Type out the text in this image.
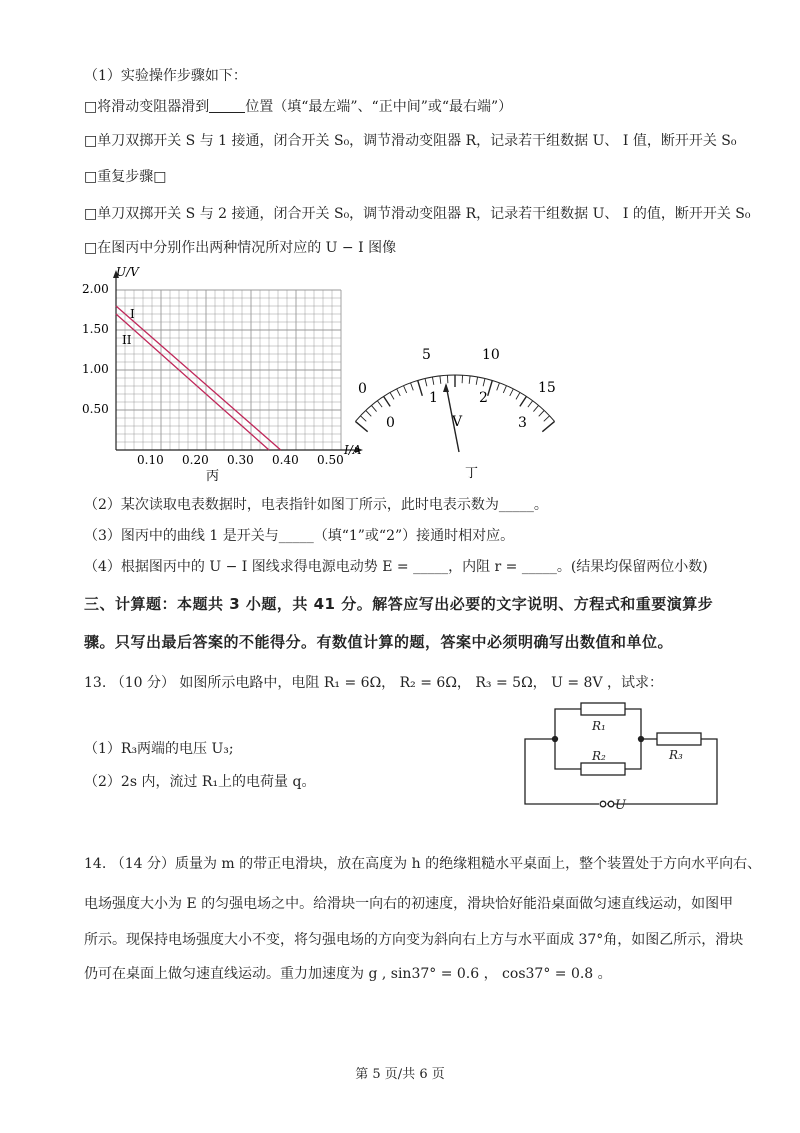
（1）实验操作步骤如下：
□将滑动变阻器滑到	位置（填“最左端”、“正中间”或“最右端”）
□单刀双掷开关 S 与 1 接通，闭合开关 S₀，调节滑动变阻器 R，记录若干组数据 U、 I 值，断开开关 S₀
□重复步骤□
□单刀双掷开关 S 与 2 接通，闭合开关 S₀，调节滑动变阻器 R，记录若干组数据 U、 I 的值，断开开关 S₀
□在图丙中分别作出两种情况所对应的 U − I 图像
U/V
I/A
2.00
1.50
1.00
0.50
0.10 0.20 0.30 0.40 0.50
I
II
丙
0
5	10
15
0
1	2
3
V
丁
（2）某次读取电表数据时，电表指针如图丁所示，此时电表示数为_____。
（3）图丙中的曲线 1 是开关与_____（填“1”或“2”）接通时相对应。
（4）根据图丙中的 U − I 图线求得电源电动势 E = _____，内阻 r = _____。(结果均保留两位小数)
三、计算题：本题共 3 小题，共 41 分。解答应写出必要的文字说明、方程式和重要演算步
骤。只写出最后答案的不能得分。有数值计算的题，答案中必须明确写出数值和单位。
13. （10 分） 如图所示电路中，电阻 R₁ = 6Ω， R₂ = 6Ω， R₃ = 5Ω， U = 8V ，试求：
（1）R₃两端的电压 U₃;
（2）2s 内，流过 R₁上的电荷量 q。
R₁
R₂	R₃
U
14. （14 分）质量为 m 的带正电滑块，放在高度为 h 的绝缘粗糙水平桌面上，整个装置处于方向水平向右、
电场强度大小为 E 的匀强电场之中。给滑块一向右的初速度，滑块恰好能沿桌面做匀速直线运动，如图甲
所示。现保持电场强度大小不变，将匀强电场的方向变为斜向右上方与水平面成 37°角，如图乙所示，滑块
仍可在桌面上做匀速直线运动。重力加速度为 g , sin37° = 0.6 ， cos37° = 0.8 。
第 5 页/共 6 页
